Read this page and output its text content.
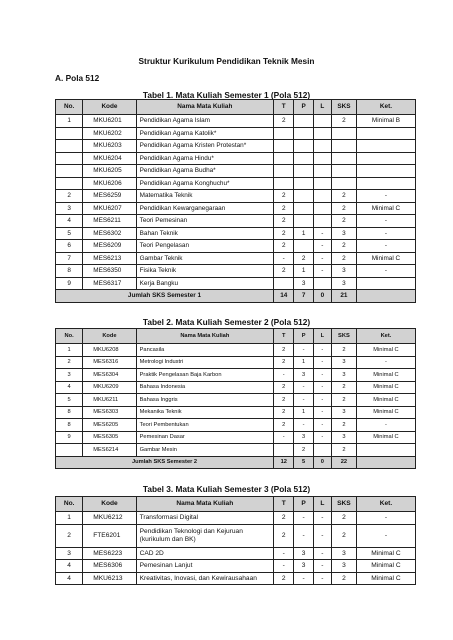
Struktur Kurikulum Pendidikan Teknik Mesin
A. Pola 512
Tabel 1. Mata Kuliah Semester 1 (Pola 512)
No.	Kode	Nama Mata Kuliah	T	P	L	SKS	Ket.
1	MKU6201	Pendidikan Agama Islam	2			2	Minimal B
	MKU6202	Pendidikan Agama Katolik*					
	MKU6203	Pendidikan Agama Kristen Protestan*					
	MKU6204	Pendidikan Agama Hindu*					
	MKU6205	Pendidikan Agama Budha*					
	MKU6206	Pendidikan Agama Konghuchu*					
2	MES6259	Matematika Teknik	2			2	-
3	MKU6207	Pendidikan Kewarganegaraan	2			2	Minimal C
4	MES6211	Teori Pemesinan	2			2	-
5	MES6302	Bahan Teknik	2	1	-	3	-
6	MES6209	Teori Pengelasan	2		-	2	-
7	MES6213	Gambar Teknik	-	2	-	2	Minimal C
8	MES6350	Fisika Teknik	2	1	-	3	-
9	MES6317	Kerja Bangku		3		3	
Jumlah SKS Semester 1			14	7	0	21	
Tabel 2. Mata Kuliah Semester 2 (Pola 512)
No.	Kode	Nama Mata Kuliah	T	P	L	SKS	Ket.
1	MKU6208	Pancasila	2	-	-	2	Minimal C
2	MES6316	Metrologi Industri	2	1	-	3	-
3	MES6304	Praktik Pengelasan Baja Karbon	-	3	-	3	Minimal C
4	MKU6209	Bahasa Indonesia	2	-	-	2	Minimal C
5	MKU6211	Bahasa Inggris	2	-	-	2	Minimal C
8	MES6303	Mekanika Teknik	2	1	-	3	Minimal C
8	MES6205	Teori Pembentukan	2	-	-	2	-
9	MES6305	Pemesinan Dasar	-	3	-	3	Minimal C
	MES6214	Gambar Mesin		2		2	
Jumlah SKS Semester 2			12	5	0	22	
Tabel 3. Mata Kuliah Semester 3 (Pola 512)
No.	Kode	Nama Mata Kuliah	T	P	L	SKS	Ket.
1	MKU6212	Transformasi Digital	2	-	-	2	-
2	FTE6201	Pendidikan Teknologi dan Kejuruan (kurikulum dan BK)	2	-	-	2	-
3	MES6223	CAD 2D	-	3	-	3	Minimal C
4	MES6306	Pemesinan Lanjut	-	3	-	3	Minimal C
4	MKU6213	Kreativitas, Inovasi, dan Kewirausahaan	2	-	-	2	Minimal C
